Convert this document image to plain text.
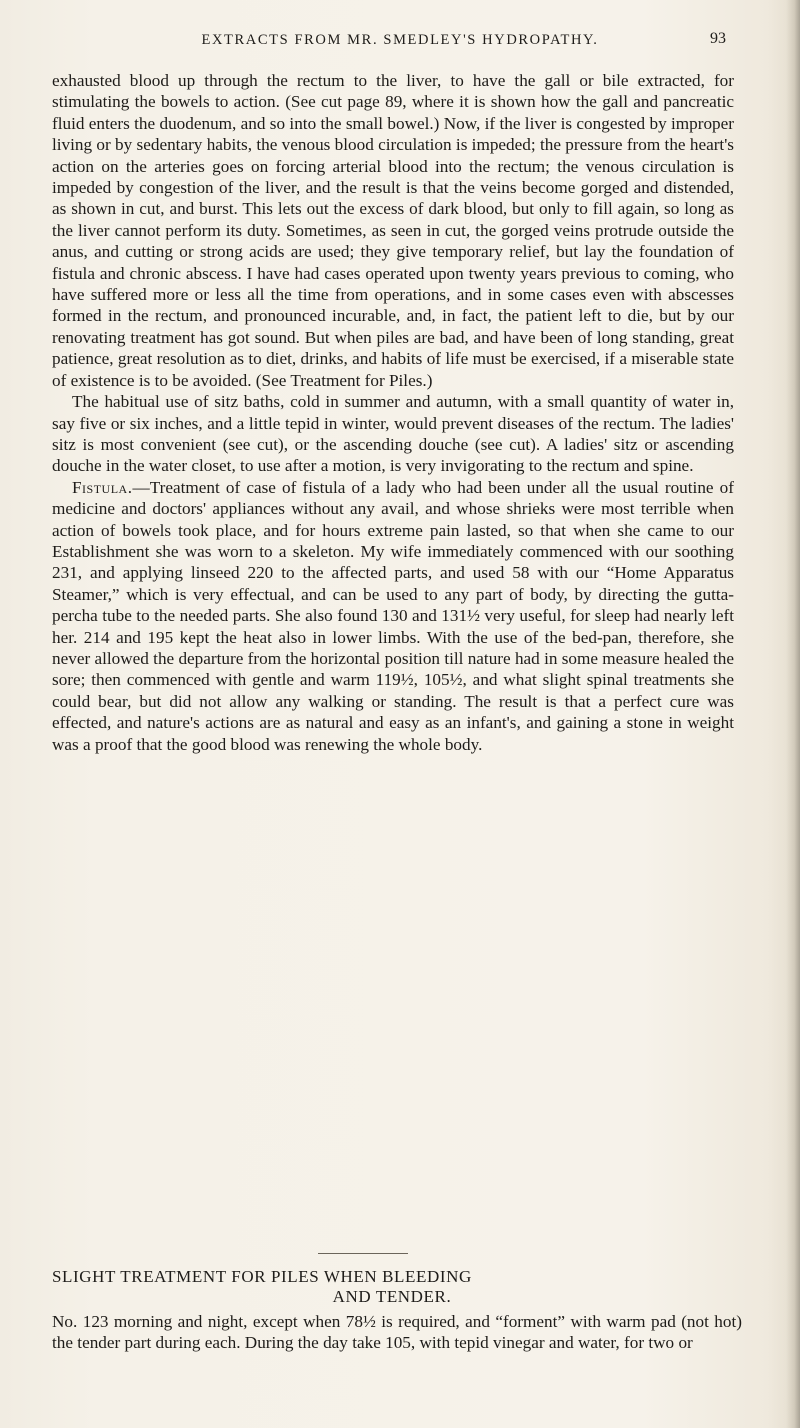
EXTRACTS FROM MR. SMEDLEY'S HYDROPATHY.	93

exhausted blood up through the rectum to the liver, to have the gall or bile extracted, for stimulating the bowels to action. (See cut page 89, where it is shown how the gall and pancreatic fluid enters the duodenum, and so into the small bowel.) Now, if the liver is congested by improper living or by sedentary habits, the venous blood circulation is impeded; the pressure from the heart's action on the arteries goes on forcing arterial blood into the rectum; the venous circulation is impeded by congestion of the liver, and the result is that the veins become gorged and distended, as shown in cut, and burst. This lets out the excess of dark blood, but only to fill again, so long as the liver cannot perform its duty. Sometimes, as seen in cut, the gorged veins protrude outside the anus, and cutting or strong acids are used; they give temporary relief, but lay the foundation of fistula and chronic abscess. I have had cases operated upon twenty years previous to coming, who have suffered more or less all the time from operations, and in some cases even with abscesses formed in the rectum, and pronounced incurable, and, in fact, the patient left to die, but by our renovating treatment has got sound. But when piles are bad, and have been of long standing, great patience, great resolution as to diet, drinks, and habits of life must be exercised, if a miserable state of existence is to be avoided. (See Treatment for Piles.)

The habitual use of sitz baths, cold in summer and autumn, with a small quantity of water in, say five or six inches, and a little tepid in winter, would prevent diseases of the rectum. The ladies' sitz is most convenient (see cut), or the ascending douche (see cut). A ladies' sitz or ascending douche in the water closet, to use after a motion, is very invigorating to the rectum and spine.

Fistula.—Treatment of case of fistula of a lady who had been under all the usual routine of medicine and doctors' appliances without any avail, and whose shrieks were most terrible when action of bowels took place, and for hours extreme pain lasted, so that when she came to our Establishment she was worn to a skeleton. My wife immediately commenced with our soothing 231, and applying linseed 220 to the affected parts, and used 58 with our “Home Apparatus Steamer,” which is very effectual, and can be used to any part of body, by directing the gutta-percha tube to the needed parts. She also found 130 and 131½ very useful, for sleep had nearly left her. 214 and 195 kept the heat also in lower limbs. With the use of the bed-pan, therefore, she never allowed the departure from the horizontal position till nature had in some measure healed the sore; then commenced with gentle and warm 119½, 105½, and what slight spinal treatments she could bear, but did not allow any walking or standing. The result is that a perfect cure was effected, and nature's actions are as natural and easy as an infant's, and gaining a stone in weight was a proof that the good blood was renewing the whole body.

SLIGHT TREATMENT FOR PILES WHEN BLEEDING
AND TENDER.
No. 123 morning and night, except when 78½ is required, and “forment” with warm pad (not hot) the tender part during each. During the day take 105, with tepid vinegar and water, for two or
